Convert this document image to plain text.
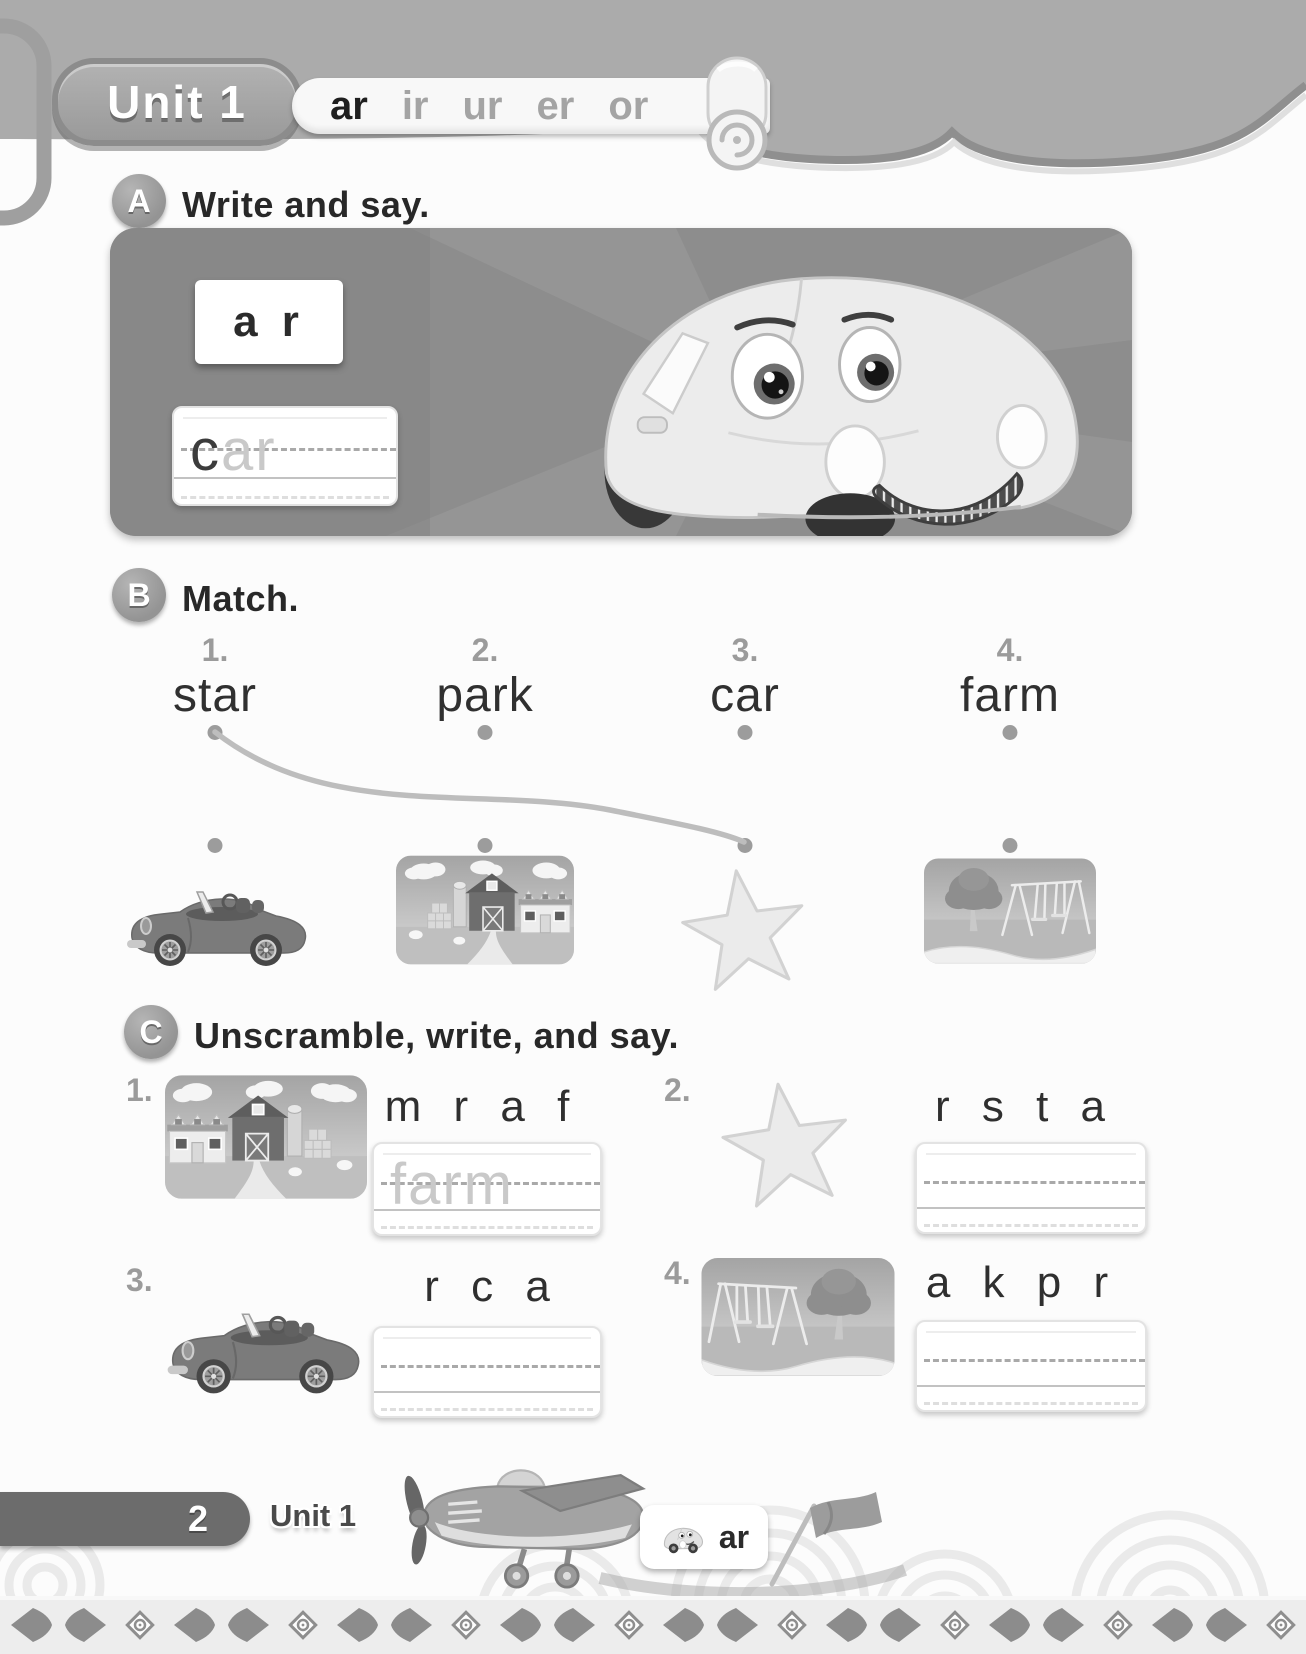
Unit 1 ar ir ur er or
A Write and say.
a r
car
B Match.
1.	2.	3.	4.
star	park	car	farm
C Unscramble, write, and say.
1.	m r a f
farm
2.	r s t a
3.	r c a	4.	a k p r
2 Unit 1
ar
